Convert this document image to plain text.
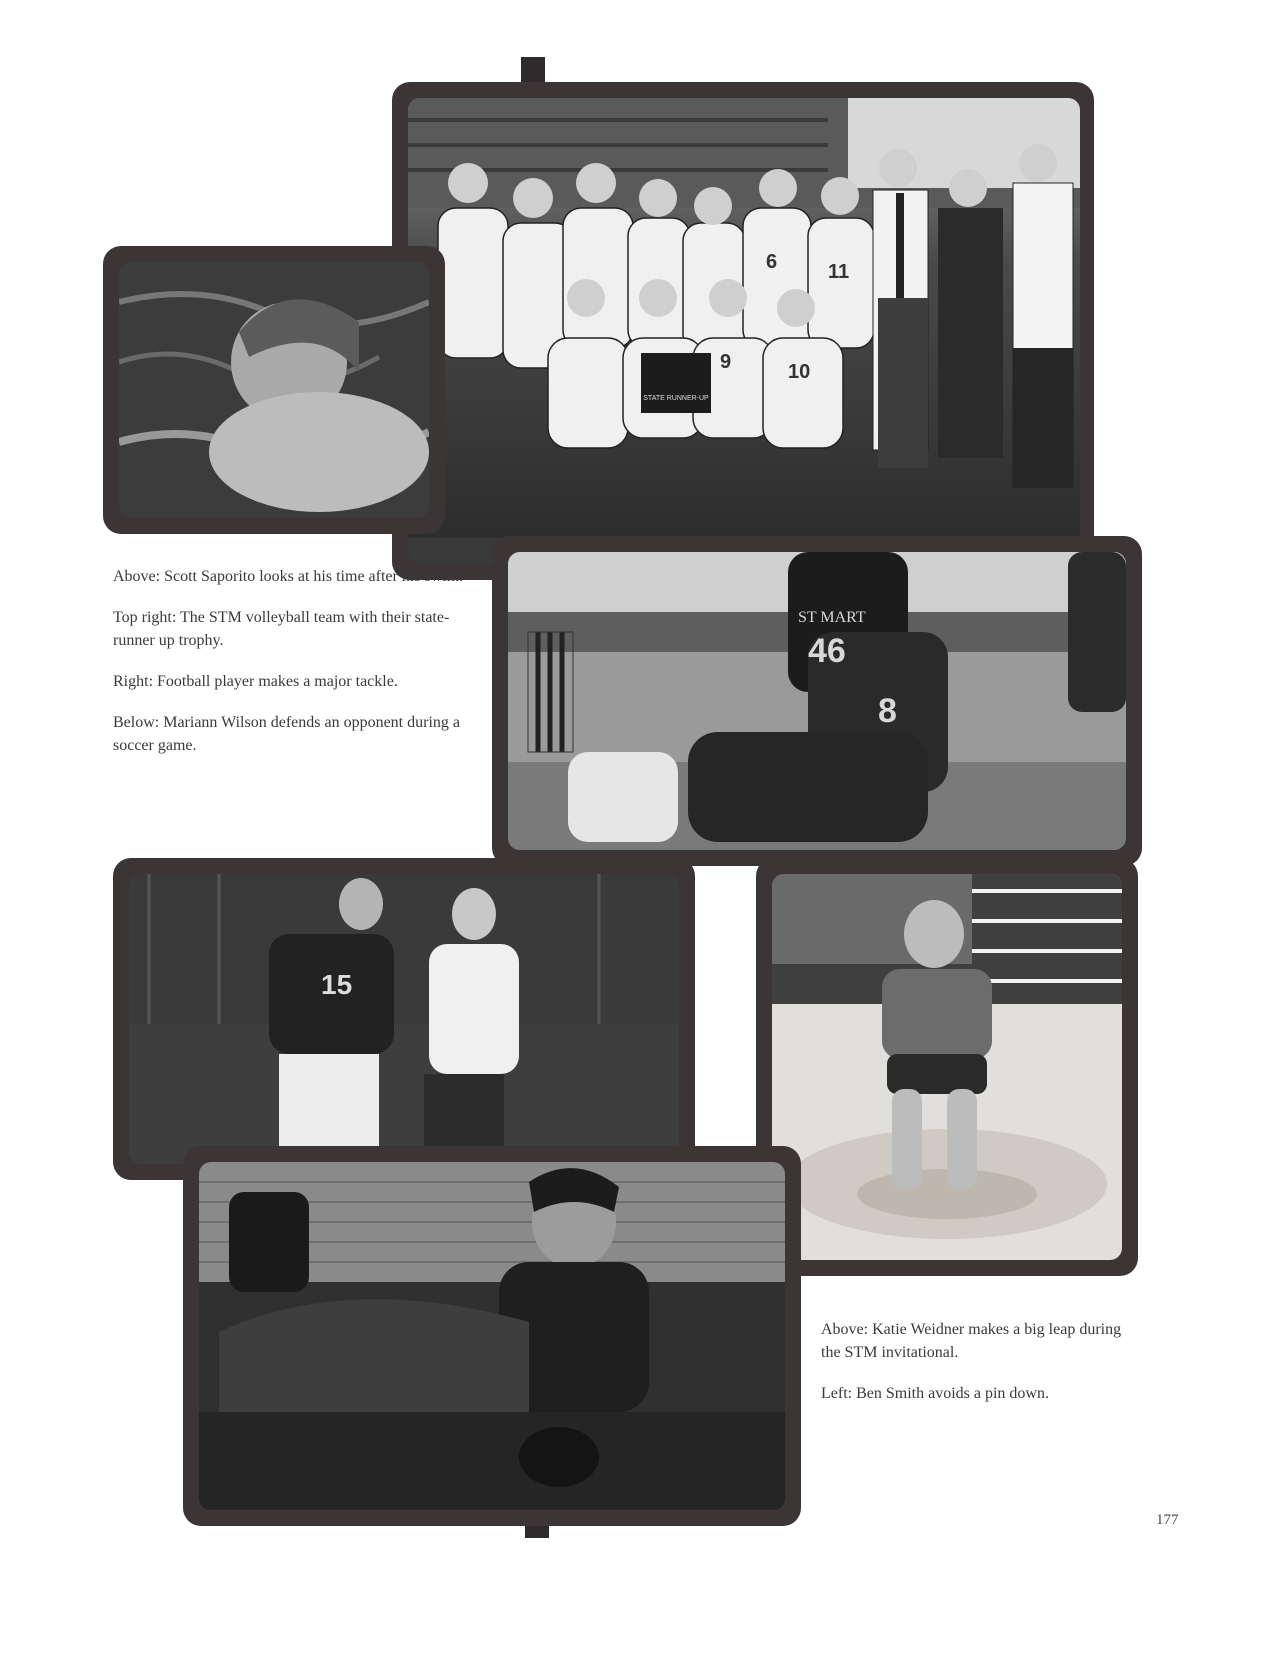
STATE RUNNER-UP
6	11
9	10

Above: Scott Saporito looks at his time after his swim.

Top right: The STM volleyball team with their state-runner up trophy.

Right: Football player makes a major tackle.

Below: Mariann Wilson defends an opponent during a soccer game.

ST MART
46
8
15

Above: Katie Weidner makes a big leap during the STM invitational.

Left: Ben Smith avoids a pin down.

177
